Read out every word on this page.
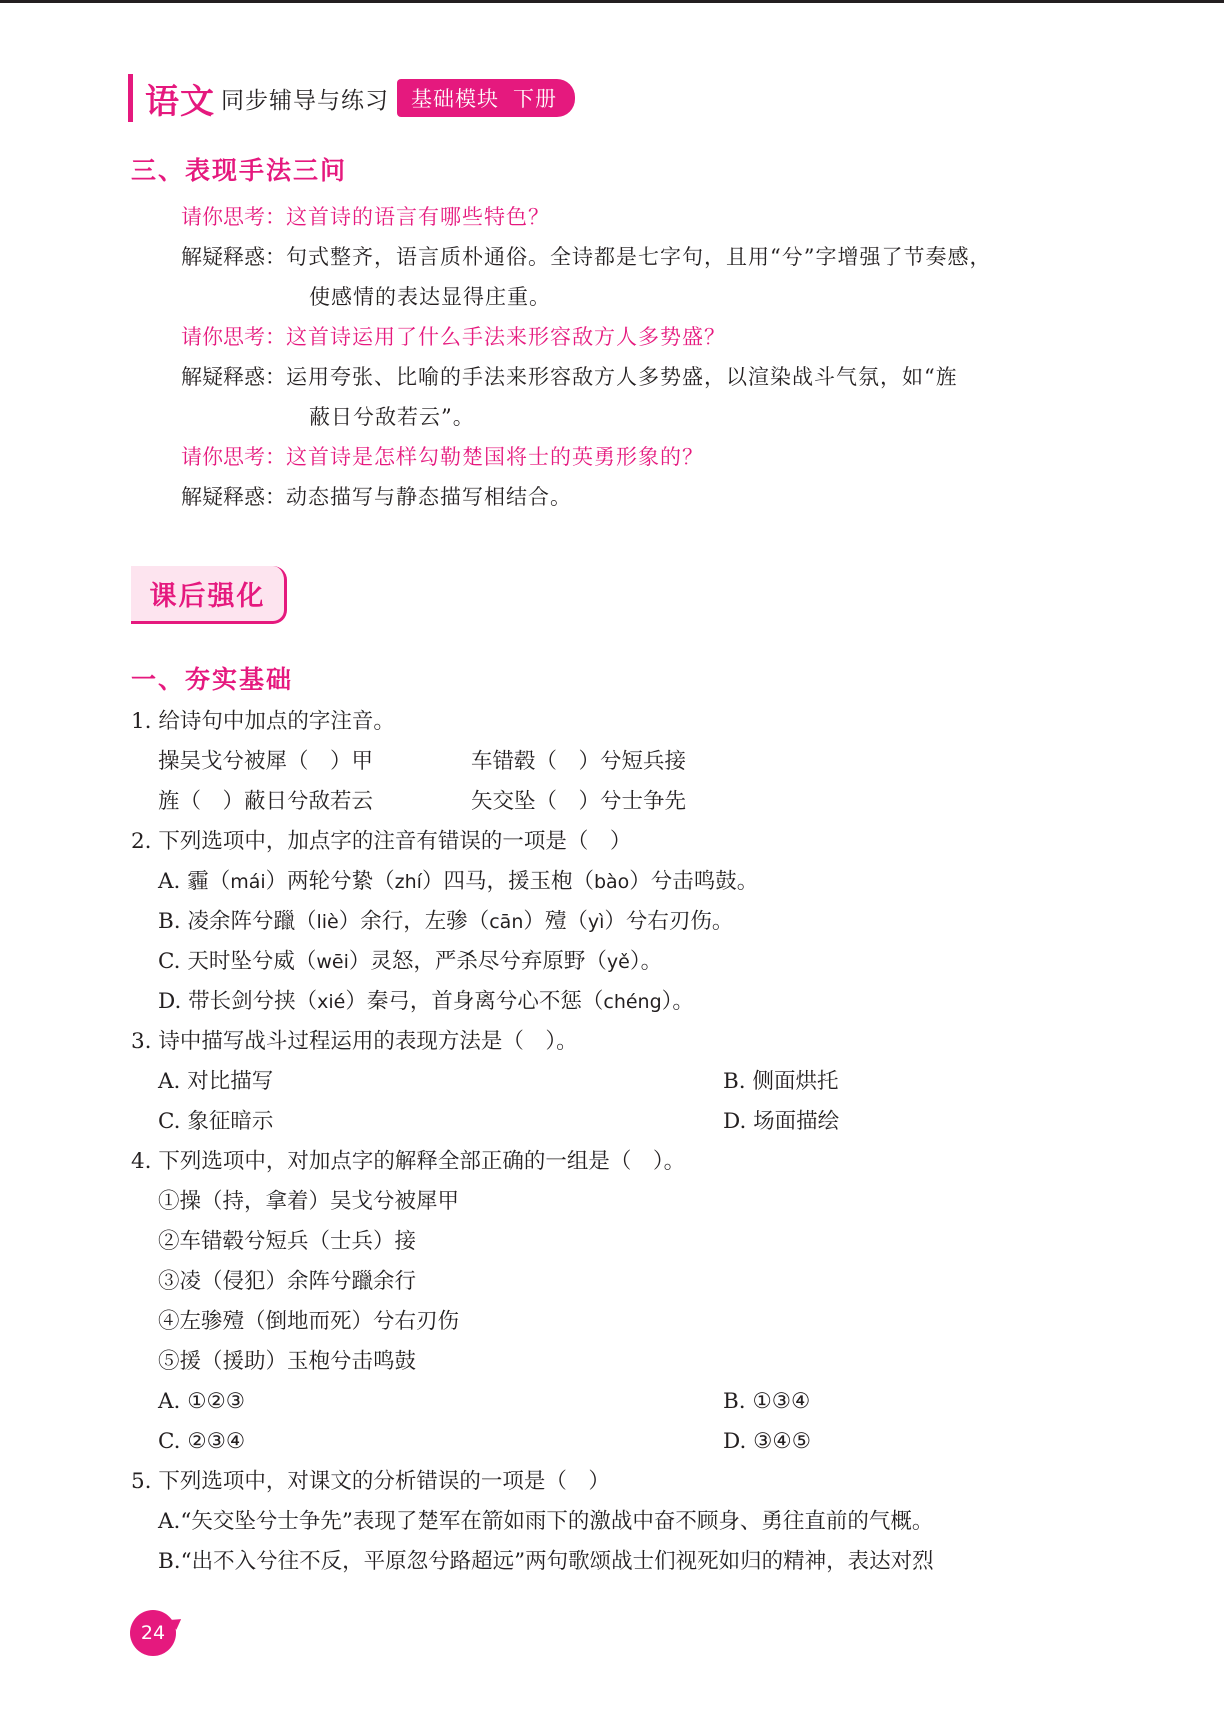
语文 同步辅导与练习 基础模块 下册
三、表现手法三问
请你思考： 这首诗的语言有哪些特色？
解疑释惑： 句式整齐，语言质朴通俗。全诗都是七字句，且用“兮”字增强了节奏感，
使感情的表达显得庄重。
请你思考： 这首诗运用了什么手法来形容敌方人多势盛？
解疑释惑： 运用夸张、比喻的手法来形容敌方人多势盛，以渲染战斗气氛，如“旌
蔽日兮敌若云”。
请你思考： 这首诗是怎样勾勒楚国将士的英勇形象的？
解疑释惑： 动态描写与静态描写相结合。
课后强化
一、夯实基础
1. 给诗句中加点的字注音。
操吴戈兮被犀（　）甲	车错毂（　）兮短兵接
旌（　）蔽日兮敌若云	矢交坠（　）兮士争先
2. 下列选项中，加点字的注音有错误的一项是（　）
A. 霾（mái）两轮兮絷（zhí）四马，援玉枹（bào）兮击鸣鼓。
B. 凌余阵兮躐（liè）余行，左骖（cān）殪（yì）兮右刃伤。
C. 天时坠兮威（wēi）灵怒，严杀尽兮弃原野（yě）。
D. 带长剑兮挟（xié）秦弓，首身离兮心不惩（chéng）。
3. 诗中描写战斗过程运用的表现方法是（　）。
A. 对比描写	B. 侧面烘托
C. 象征暗示	D. 场面描绘
4. 下列选项中，对加点字的解释全部正确的一组是（　）。
①操（持，拿着）吴戈兮被犀甲
②车错毂兮短兵（士兵）接
③凌（侵犯）余阵兮躐余行
④左骖殪（倒地而死）兮右刃伤
⑤援（援助）玉枹兮击鸣鼓
A. ①②③	B. ①③④
C. ②③④	D. ③④⑤
5. 下列选项中，对课文的分析错误的一项是（　）
A.“矢交坠兮士争先”表现了楚军在箭如雨下的激战中奋不顾身、勇往直前的气概。
B.“出不入兮往不反，平原忽兮路超远”两句歌颂战士们视死如归的精神，表达对烈
24
